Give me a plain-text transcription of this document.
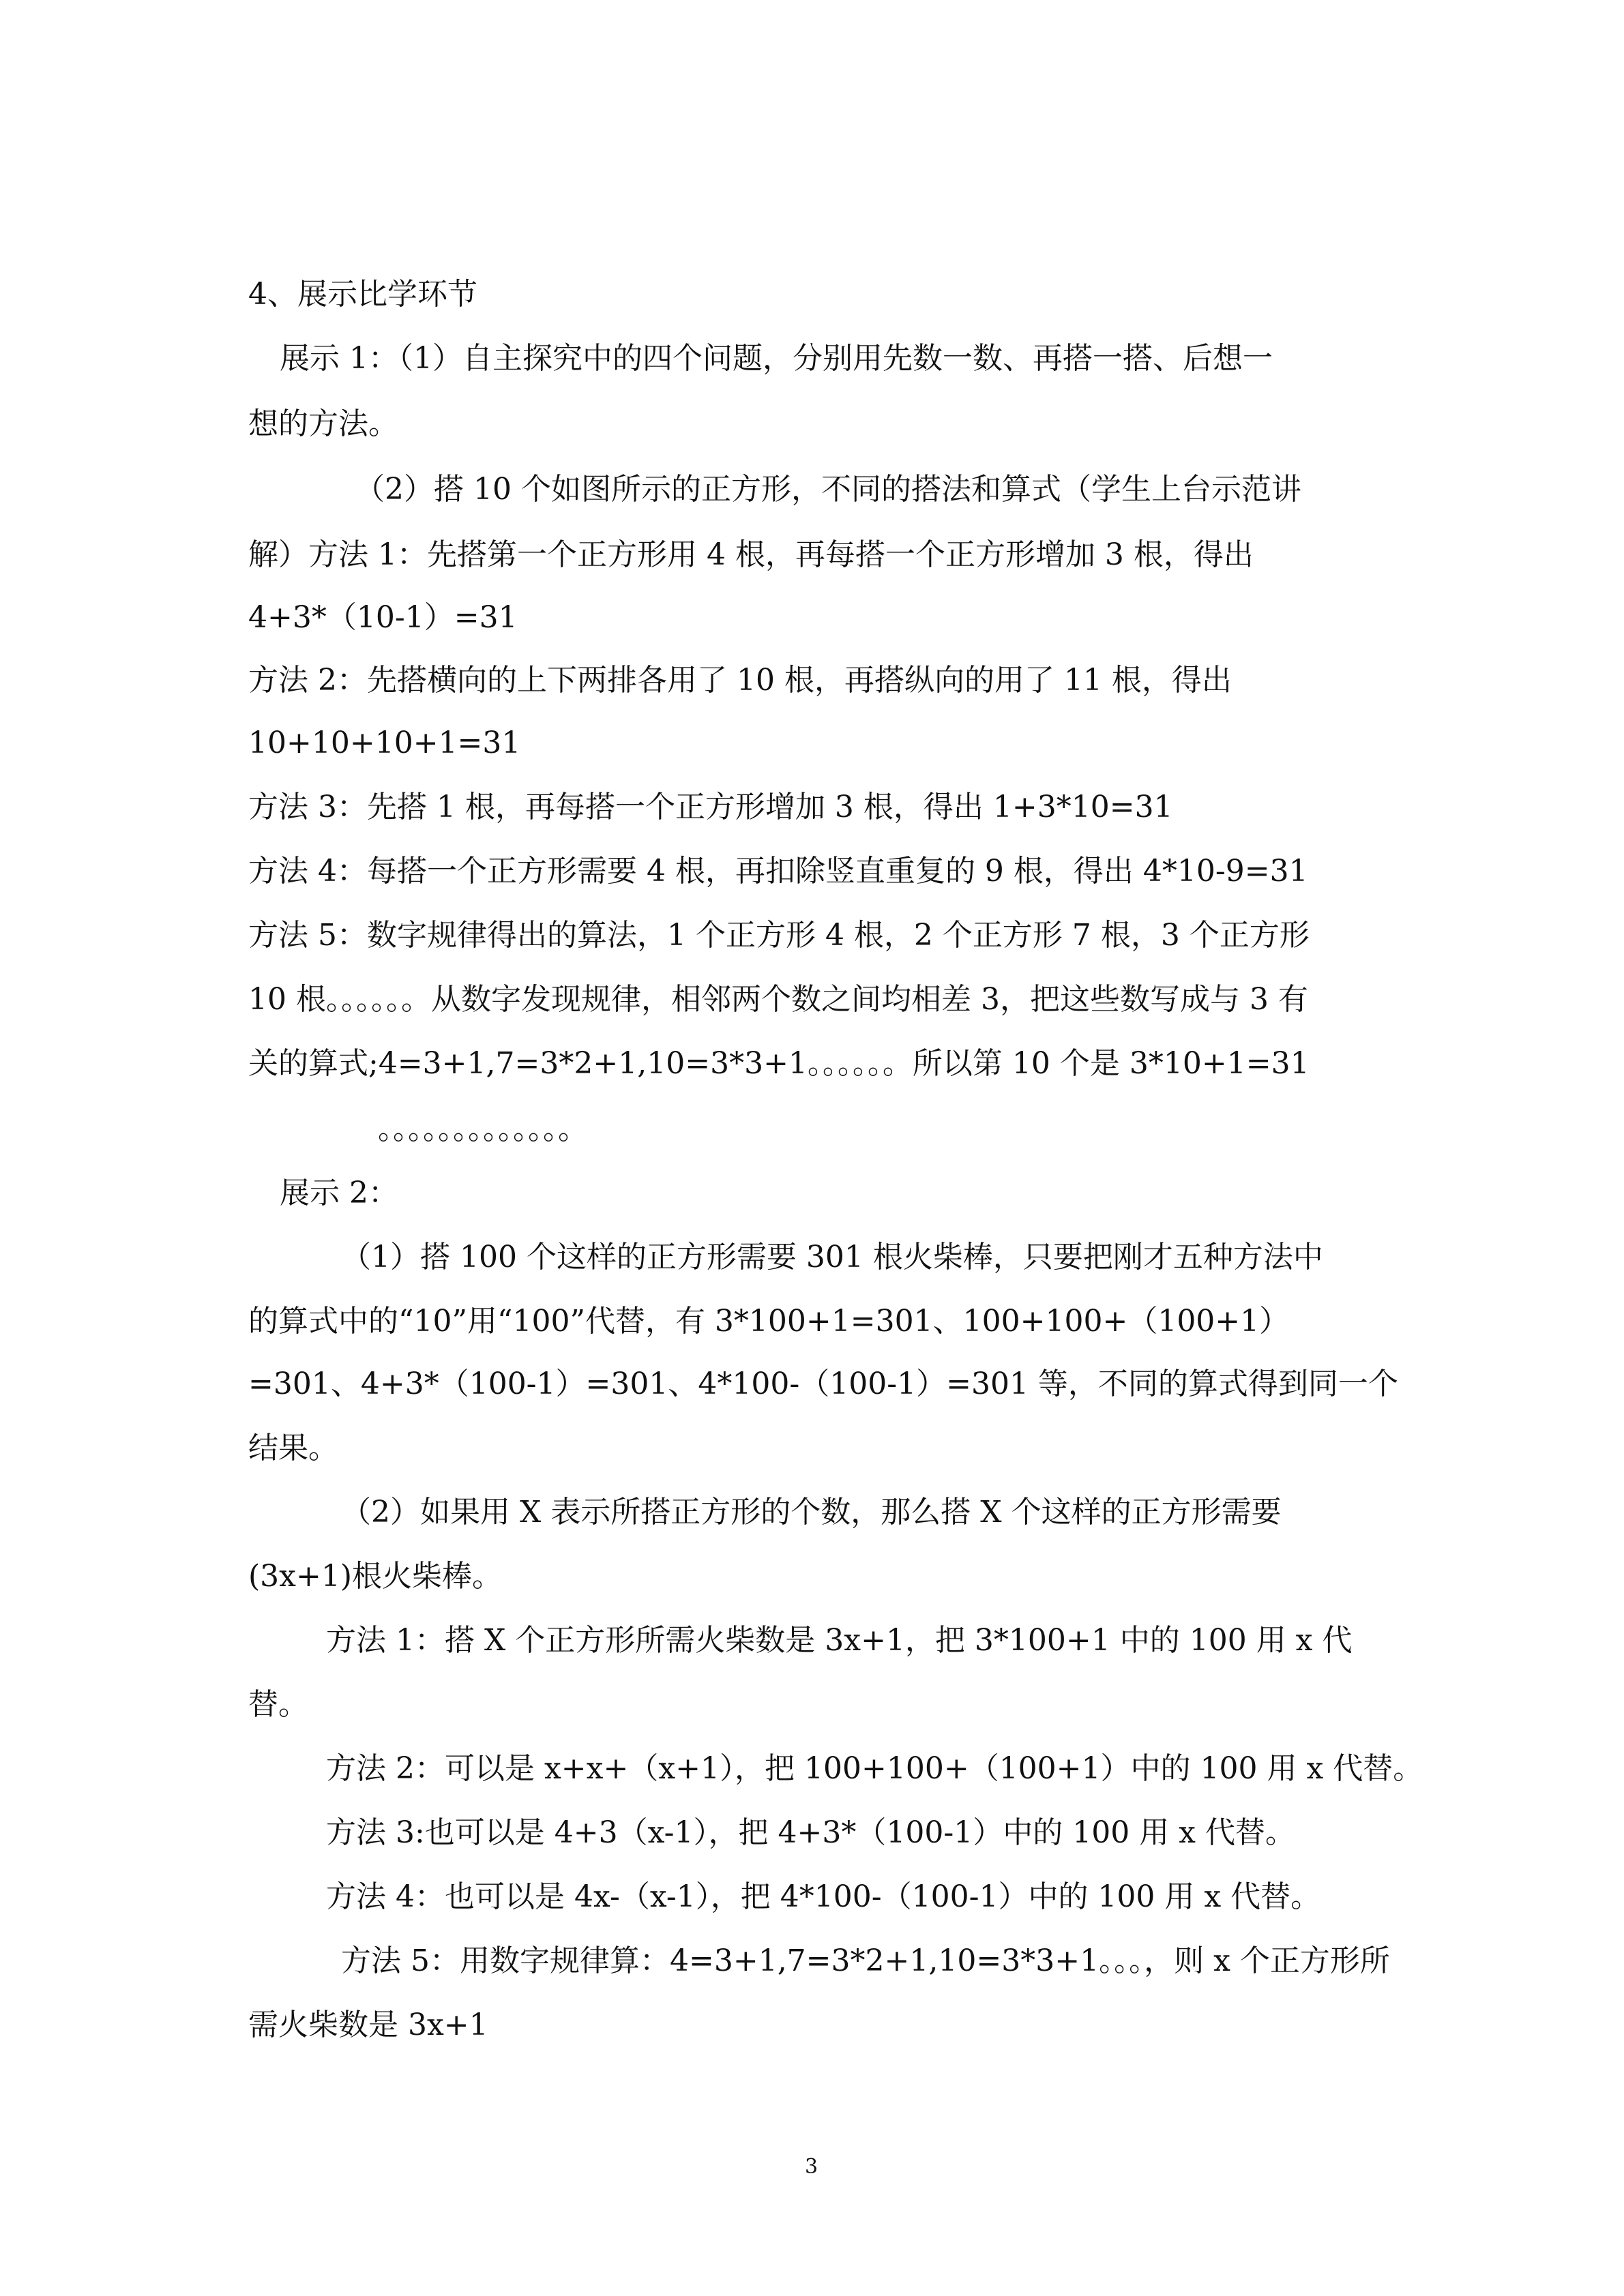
4、展示比学环节
展示 1：（1）自主探究中的四个问题，分别用先数一数、再搭一搭、后想一
想的方法。
（2）搭 10 个如图所示的正方形，不同的搭法和算式（学生上台示范讲
解）方法 1：先搭第一个正方形用 4 根，再每搭一个正方形增加 3 根，得出
4+3*（10-1）=31
方法 2：先搭横向的上下两排各用了 10 根，再搭纵向的用了 11 根，得出
10+10+10+1=31
方法 3：先搭 1 根，再每搭一个正方形增加 3 根，得出 1+3*10=31
方法 4：每搭一个正方形需要 4 根，再扣除竖直重复的 9 根，得出 4*10-9=31
方法 5：数字规律得出的算法，1 个正方形 4 根，2 个正方形 7 根，3 个正方形
10 根。。。。。。从数字发现规律，相邻两个数之间均相差 3，把这些数写成与 3 有
关的算式;4=3+1,7=3*2+1,10=3*3+1。。。。。。所以第 10 个是 3*10+1=31
。。。。。。。。。。。。。
展示 2：
（1）搭 100 个这样的正方形需要 301 根火柴棒，只要把刚才五种方法中
的算式中的“10”用“100”代替，有 3*100+1=301、100+100+（100+1）
=301、4+3*（100-1）=301、4*100-（100-1）=301 等，不同的算式得到同一个
结果。
（2）如果用 X 表示所搭正方形的个数，那么搭 X 个这样的正方形需要
(3x+1)根火柴棒。
方法 1：搭 X 个正方形所需火柴数是 3x+1，把 3*100+1 中的 100 用 x 代
替。
方法 2：可以是 x+x+（x+1），把 100+100+（100+1）中的 100 用 x 代替。
方法 3:也可以是 4+3（x-1），把 4+3*（100-1）中的 100 用 x 代替。
方法 4：也可以是 4x-（x-1），把 4*100-（100-1）中的 100 用 x 代替。
方法 5：用数字规律算：4=3+1,7=3*2+1,10=3*3+1。。。，则 x 个正方形所
需火柴数是 3x+1
3
